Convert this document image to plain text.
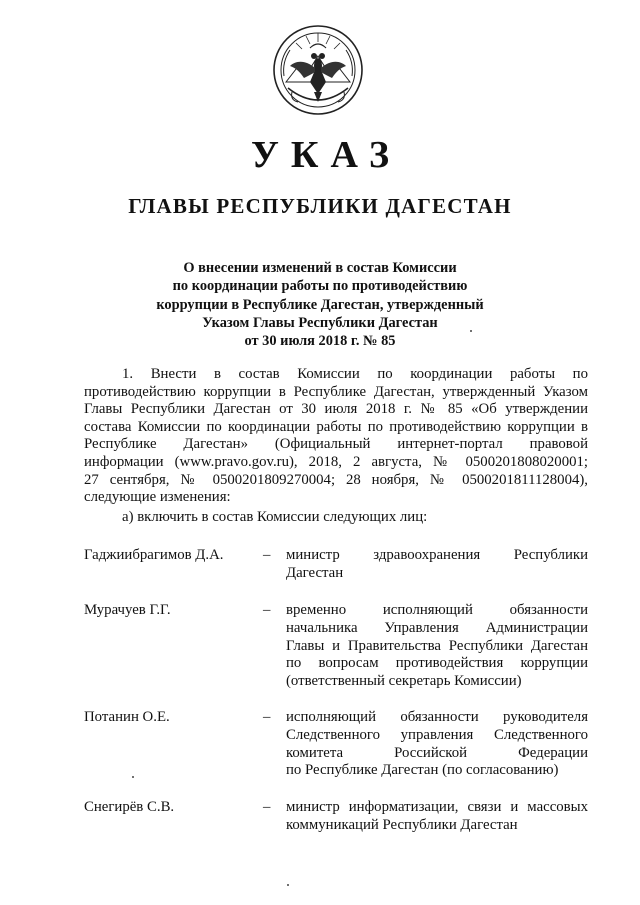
УКАЗ
ГЛАВЫ РЕСПУБЛИКИ ДАГЕСТАН
О внесении изменений в состав Комиссии
по координации работы по противодействию
коррупции в Республике Дагестан, утвержденный
Указом Главы Республики Дагестан
от 30 июля 2018 г. № 85
1. Внести в состав Комиссии по координации работы по
противодействию коррупции в Республике Дагестан, утвержденный Указом
Главы Республики Дагестан от 30 июля 2018 г. № 85 «Об утверждении
состава Комиссии по координации работы по противодействию коррупции в
Республике Дагестан» (Официальный интернет-портал правовой
информации (www.pravo.gov.ru), 2018, 2 августа, № 0500201808020001;
27 сентября, № 0500201809270004; 28 ноября, № 0500201811128004),
следующие изменения:
а) включить в состав Комиссии следующих лиц:
Гаджиибрагимов Д.А.	– министр здравоохранения Республики
Дагестан
Мурачуев Г.Г.	– временно исполняющий обязанности
начальника Управления Администрации
Главы и Правительства Республики Дагестан
по вопросам противодействия коррупции
(ответственный секретарь Комиссии)
Потанин О.Е.	– исполняющий обязанности руководителя
Следственного управления Следственного
комитета Российской Федерации
по Республике Дагестан (по согласованию)
Снегирёв С.В.	– министр информатизации, связи и массовых
коммуникаций Республики Дагестан
